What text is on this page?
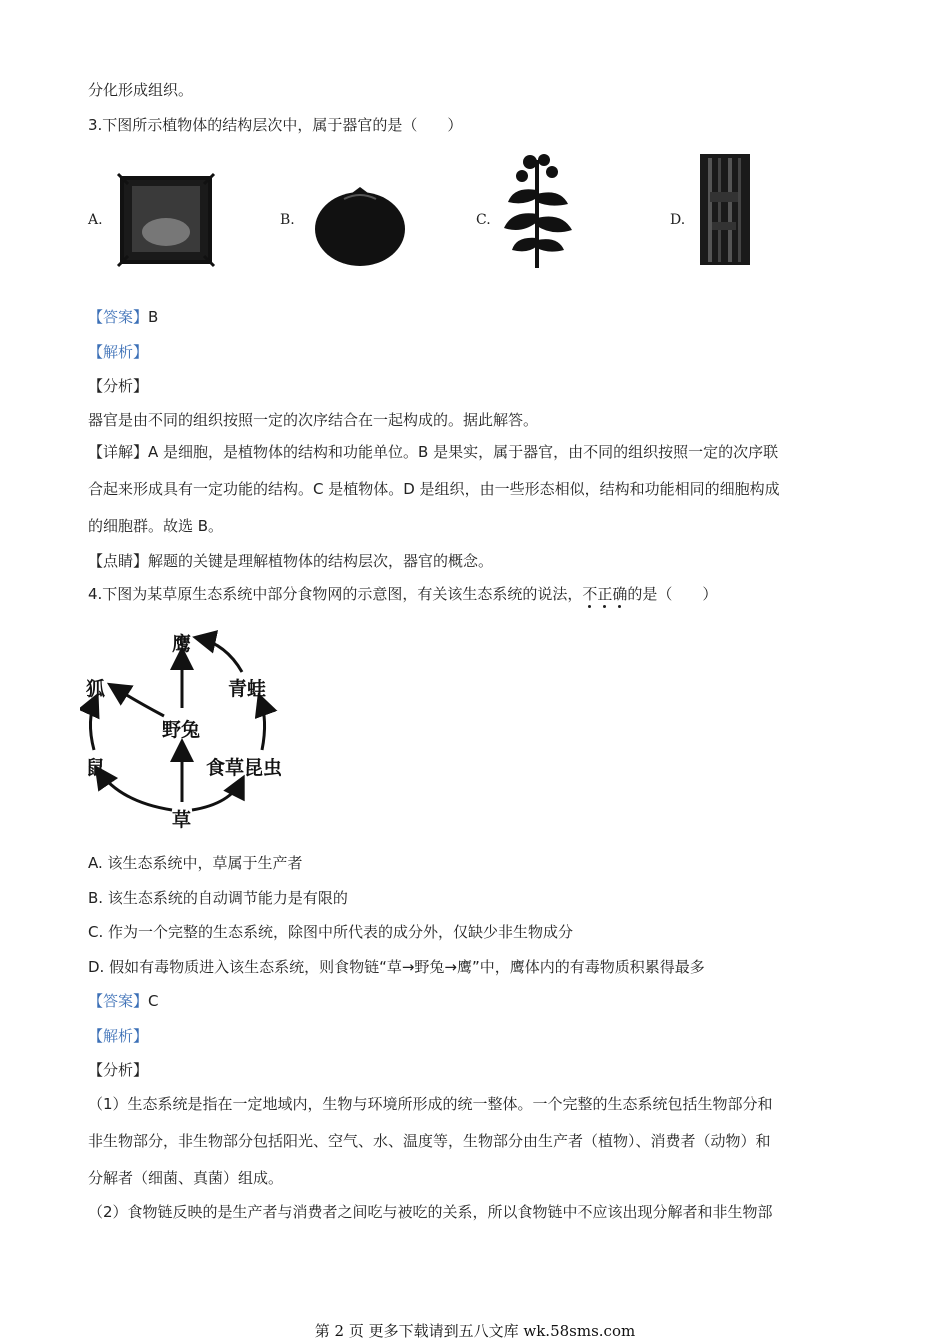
分化形成组织。
3.下图所示植物体的结构层次中，属于器官的是（　　）
A.	B.	C.	D.
【答案】B
【解析】
【分析】
器官是由不同的组织按照一定的次序结合在一起构成的。据此解答。
【详解】A 是细胞，是植物体的结构和功能单位。B 是果实，属于器官，由不同的组织按照一定的次序联
合起来形成具有一定功能的结构。C 是植物体。D 是组织，由一些形态相似，结构和功能相同的细胞构成
的细胞群。故选 B。
【点睛】解题的关键是理解植物体的结构层次，器官的概念。
4.下图为某草原生态系统中部分食物网的示意图，有关该生态系统的说法，不正确的是（　　）
鹰
狐	青蛙
野兔
鼠	食草昆虫
草
A. 该生态系统中，草属于生产者
B. 该生态系统的自动调节能力是有限的
C. 作为一个完整的生态系统，除图中所代表的成分外，仅缺少非生物成分
D. 假如有毒物质进入该生态系统，则食物链“草→野兔→鹰”中，鹰体内的有毒物质积累得最多
【答案】C
【解析】
【分析】
（1）生态系统是指在一定地域内，生物与环境所形成的统一整体。一个完整的生态系统包括生物部分和
非生物部分，非生物部分包括阳光、空气、水、温度等，生物部分由生产者（植物）、消费者（动物）和
分解者（细菌、真菌）组成。
（2）食物链反映的是生产者与消费者之间吃与被吃的关系，所以食物链中不应该出现分解者和非生物部
第 2 页 更多下载请到五八文库 wk.58sms.com
